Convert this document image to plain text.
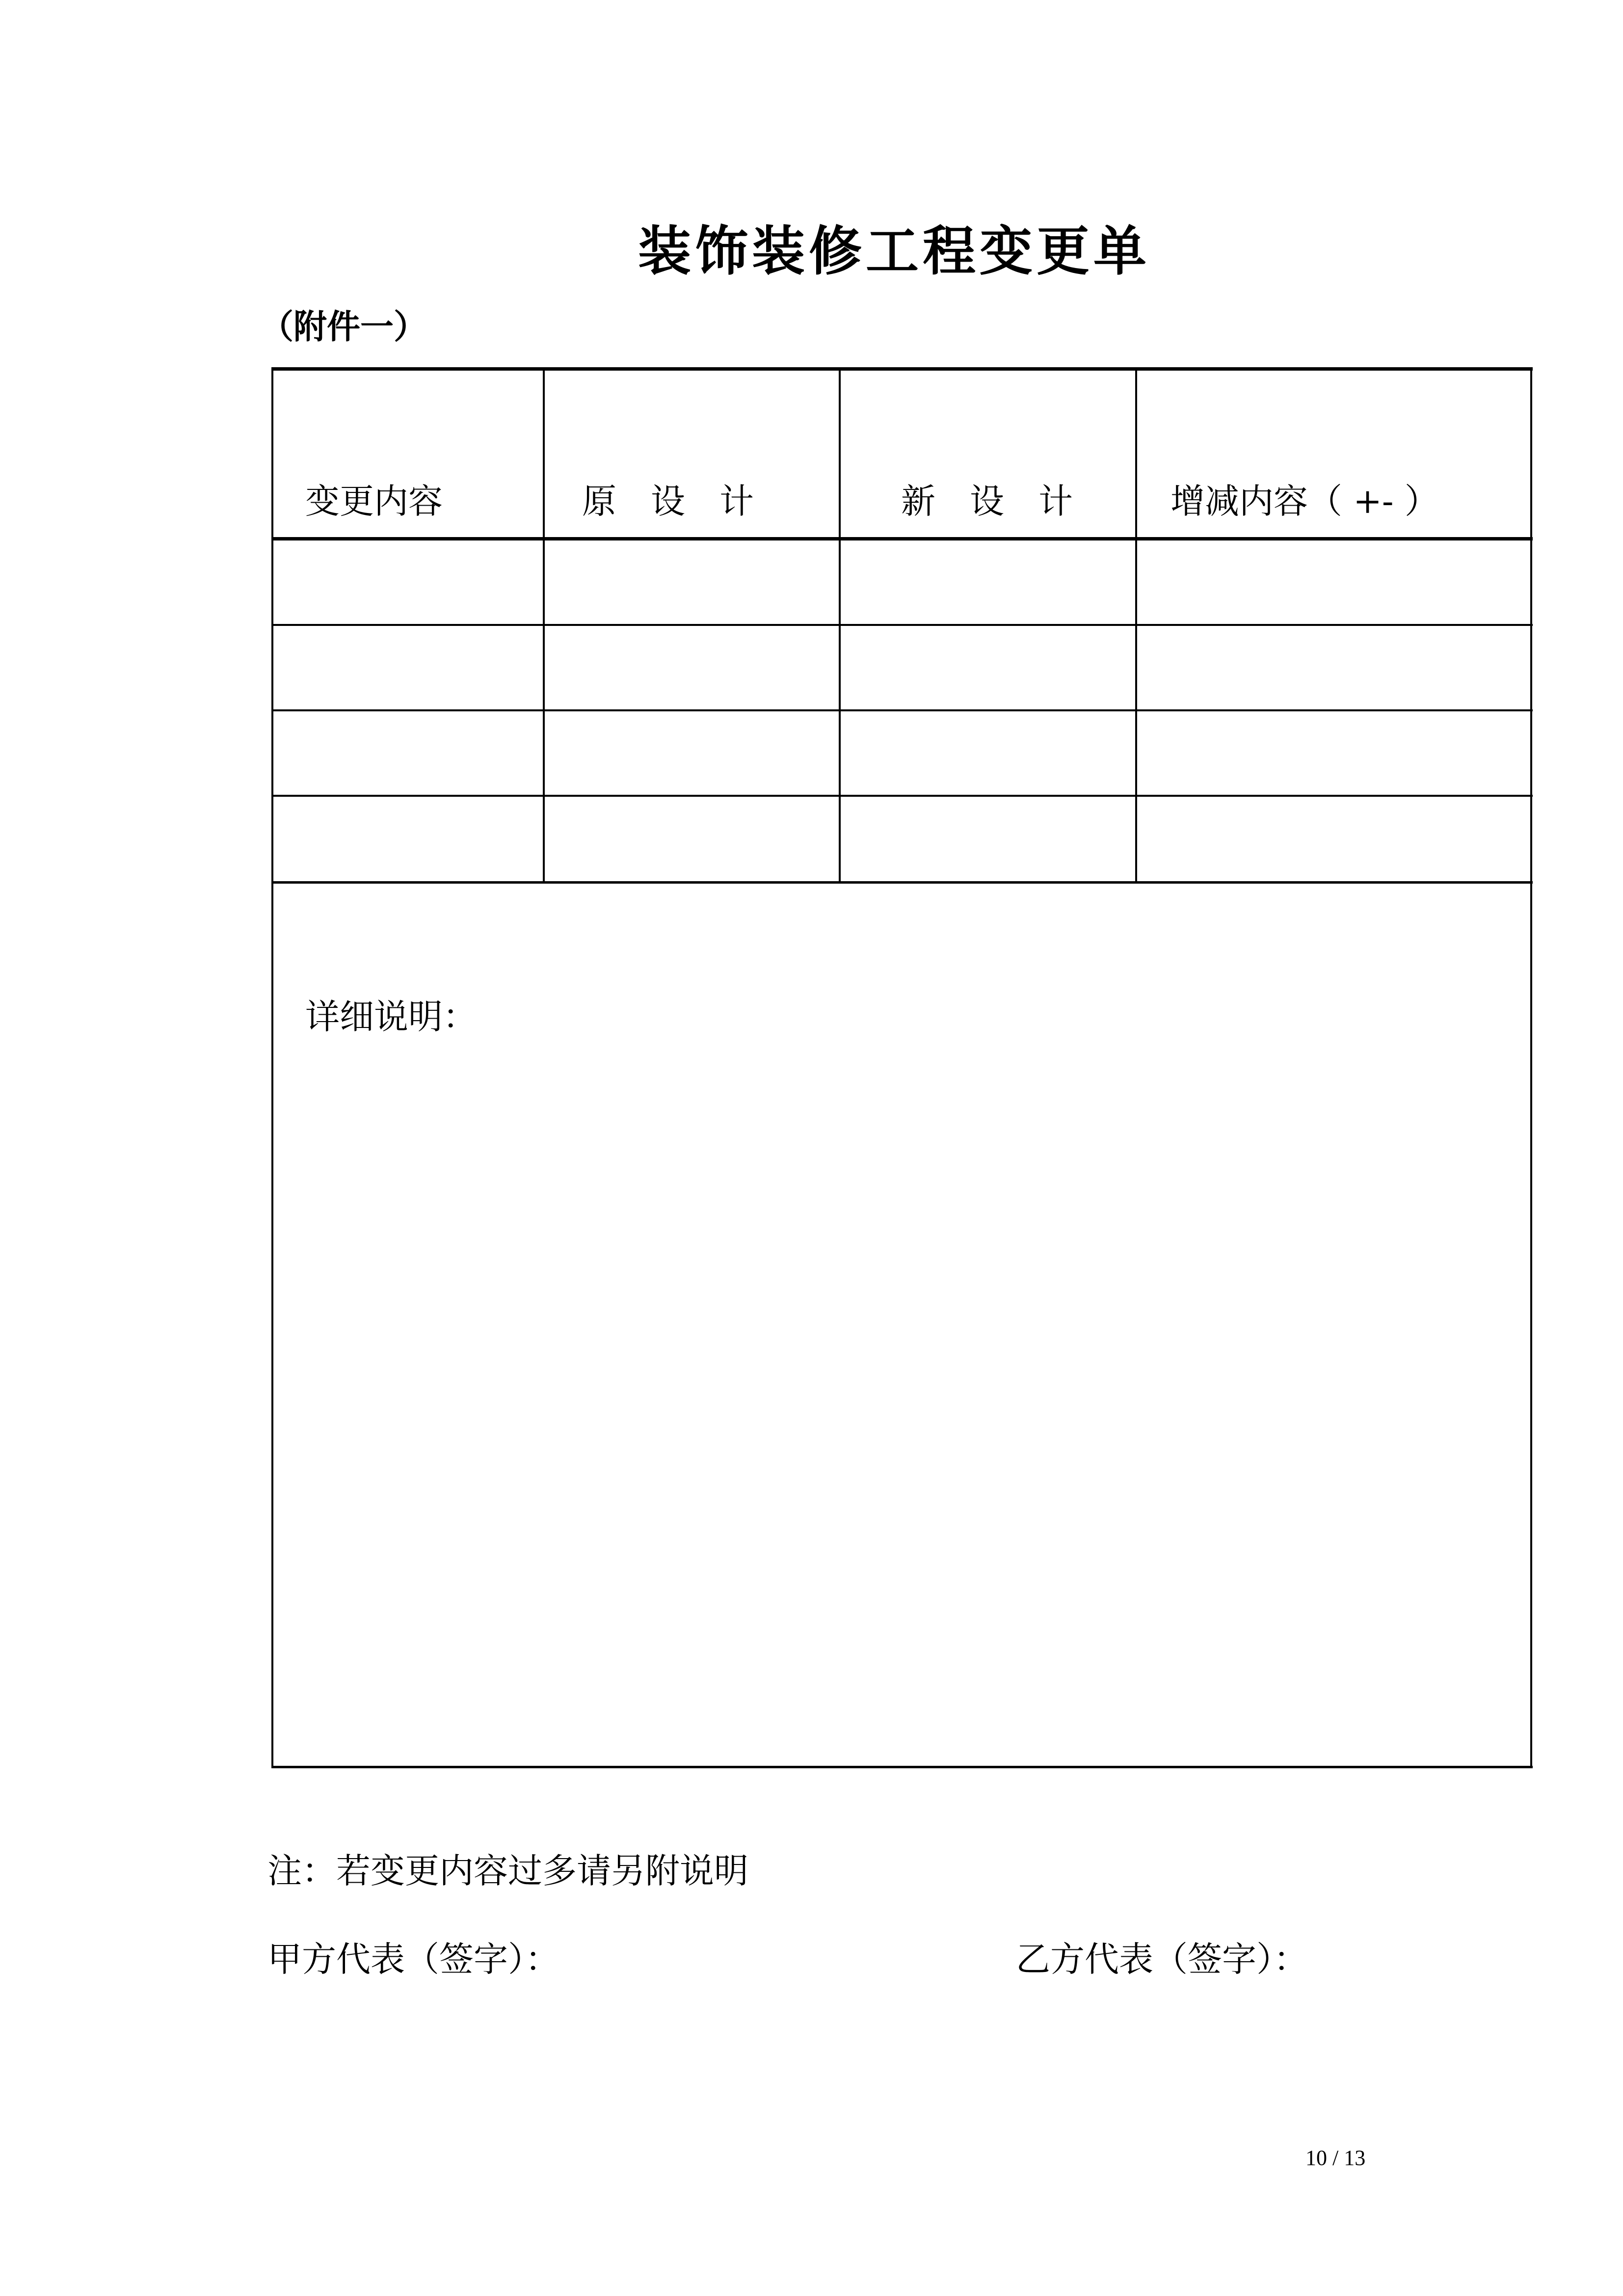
装饰装修工程变更单
（附件一）
变更内容	原　设　计	新　设　计	增减内容（ +- ）
详细说明：
注：若变更内容过多请另附说明
甲方代表（签字）：	乙方代表（签字）：
10 / 13
